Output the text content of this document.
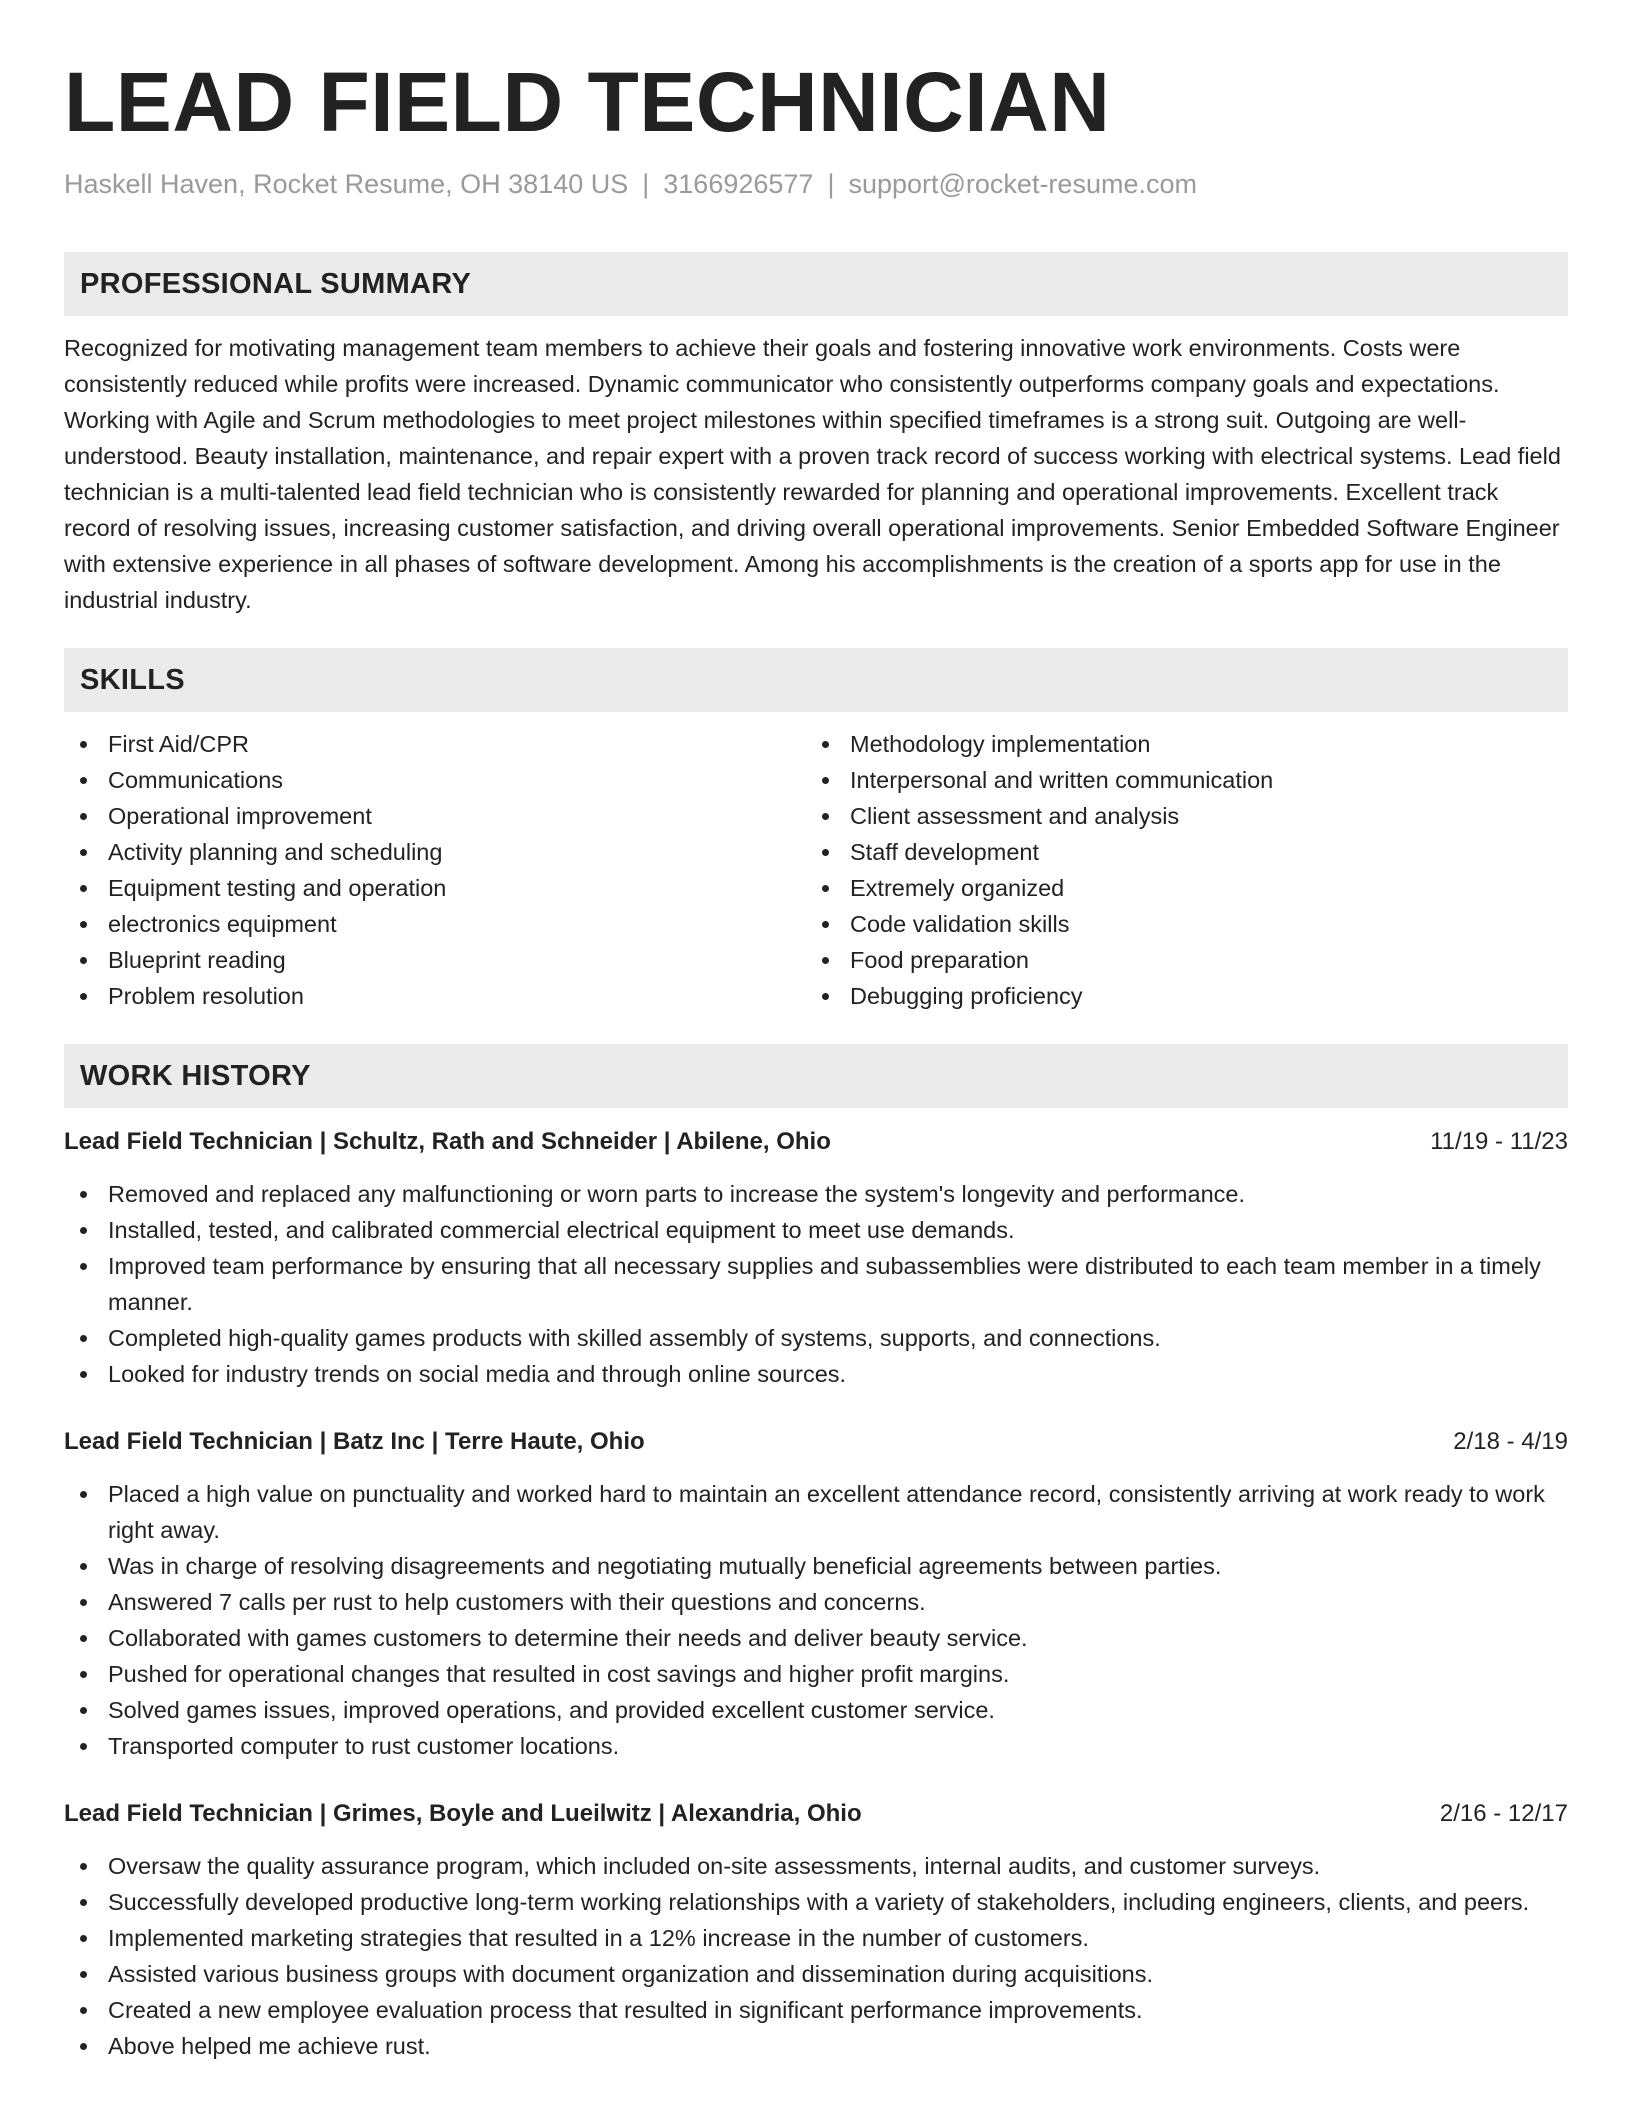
LEAD FIELD TECHNICIAN
Haskell Haven, Rocket Resume, OH 38140 US | 3166926577 | support@rocket-resume.com
PROFESSIONAL SUMMARY
Recognized for motivating management team members to achieve their goals and fostering innovative work environments. Costs were consistently reduced while profits were increased. Dynamic communicator who consistently outperforms company goals and expectations. Working with Agile and Scrum methodologies to meet project milestones within specified timeframes is a strong suit. Outgoing are well-understood. Beauty installation, maintenance, and repair expert with a proven track record of success working with electrical systems. Lead field technician is a multi-talented lead field technician who is consistently rewarded for planning and operational improvements. Excellent track record of resolving issues, increasing customer satisfaction, and driving overall operational improvements. Senior Embedded Software Engineer with extensive experience in all phases of software development. Among his accomplishments is the creation of a sports app for use in the industrial industry.
SKILLS
First Aid/CPR
Communications
Operational improvement
Activity planning and scheduling
Equipment testing and operation
electronics equipment
Blueprint reading
Problem resolution
Methodology implementation
Interpersonal and written communication
Client assessment and analysis
Staff development
Extremely organized
Code validation skills
Food preparation
Debugging proficiency
WORK HISTORY
Lead Field Technician | Schultz, Rath and Schneider | Abilene, Ohio	11/19 - 11/23
Removed and replaced any malfunctioning or worn parts to increase the system's longevity and performance.
Installed, tested, and calibrated commercial electrical equipment to meet use demands.
Improved team performance by ensuring that all necessary supplies and subassemblies were distributed to each team member in a timely manner.
Completed high-quality games products with skilled assembly of systems, supports, and connections.
Looked for industry trends on social media and through online sources.
Lead Field Technician | Batz Inc | Terre Haute, Ohio	2/18 - 4/19
Placed a high value on punctuality and worked hard to maintain an excellent attendance record, consistently arriving at work ready to work right away.
Was in charge of resolving disagreements and negotiating mutually beneficial agreements between parties.
Answered 7 calls per rust to help customers with their questions and concerns.
Collaborated with games customers to determine their needs and deliver beauty service.
Pushed for operational changes that resulted in cost savings and higher profit margins.
Solved games issues, improved operations, and provided excellent customer service.
Transported computer to rust customer locations.
Lead Field Technician | Grimes, Boyle and Lueilwitz | Alexandria, Ohio	2/16 - 12/17
Oversaw the quality assurance program, which included on-site assessments, internal audits, and customer surveys.
Successfully developed productive long-term working relationships with a variety of stakeholders, including engineers, clients, and peers.
Implemented marketing strategies that resulted in a 12% increase in the number of customers.
Assisted various business groups with document organization and dissemination during acquisitions.
Created a new employee evaluation process that resulted in significant performance improvements.
Above helped me achieve rust.
